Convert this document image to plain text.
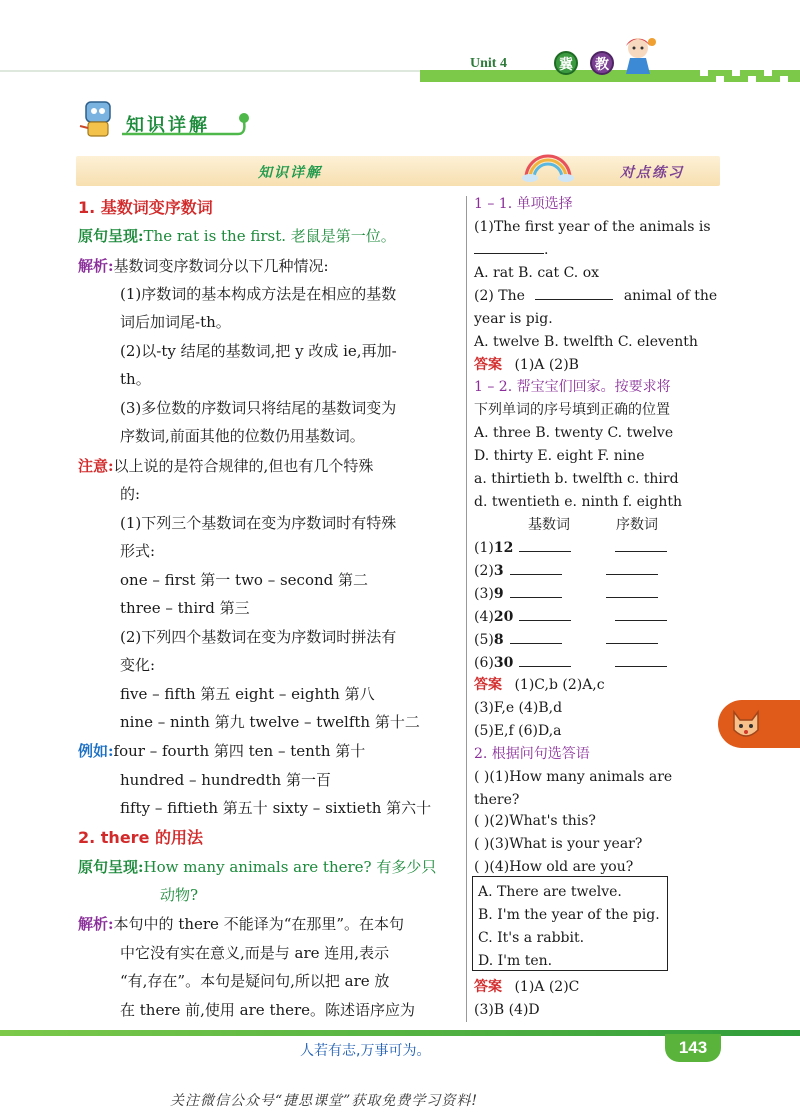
Unit 4	冀	教
知识详解
知识详解	对点练习
1. 基数词变序数词
原句呈现:The rat is the first. 老鼠是第一位。
解析:基数词变序数词分以下几种情况:
(1)序数词的基本构成方法是在相应的基数
词后加词尾-th。
(2)以-ty 结尾的基数词,把 y 改成 ie,再加-
th。
(3)多位数的序数词只将结尾的基数词变为
序数词,前面其他的位数仍用基数词。
注意:以上说的是符合规律的,但也有几个特殊
的:
(1)下列三个基数词在变为序数词时有特殊
形式:
one – first 第一 two – second 第二
three – third 第三
(2)下列四个基数词在变为序数词时拼法有
变化:
five – fifth 第五 eight – eighth 第八
nine – ninth 第九 twelve – twelfth 第十二
例如:four – fourth 第四 ten – tenth 第十
hundred – hundredth 第一百
fifty – fiftieth 第五十 sixty – sixtieth 第六十
2. there 的用法
原句呈现:How many animals are there? 有多少只
动物?
解析:本句中的 there 不能译为“在那里”。在本句
中它没有实在意义,而是与 are 连用,表示
“有,存在”。本句是疑问句,所以把 are 放
在 there 前,使用 are there。陈述语序应为
1 – 1. 单项选择
(1)The first year of the animals is
.
A. rat B. cat C. ox
(2) The	animal of the
year is pig.
A. twelve B. twelfth C. eleventh
答案 (1)A (2)B
1 – 2. 帮宝宝们回家。按要求将
下列单词的序号填到正确的位置
A. three B. twenty C. twelve
D. thirty E. eight F. nine
a. thirtieth b. twelfth c. third
d. twentieth e. ninth f. eighth
基数词	序数词
(1)12
(2)3
(3)9
(4)20
(5)8
(6)30
答案 (1)C,b (2)A,c
(3)F,e (4)B,d
(5)E,f (6)D,a
2. 根据问句选答语
( )(1)How many animals are
there?
( )(2)What's this?
( )(3)What is your year?
( )(4)How old are you?
A. There are twelve.
B. I'm the year of the pig.
C. It's a rabbit.
D. I'm ten.
答案 (1)A (2)C
(3)B (4)D
人若有志,万事可为。	143
关注微信公众号“捷思课堂”获取免费学习资料!
